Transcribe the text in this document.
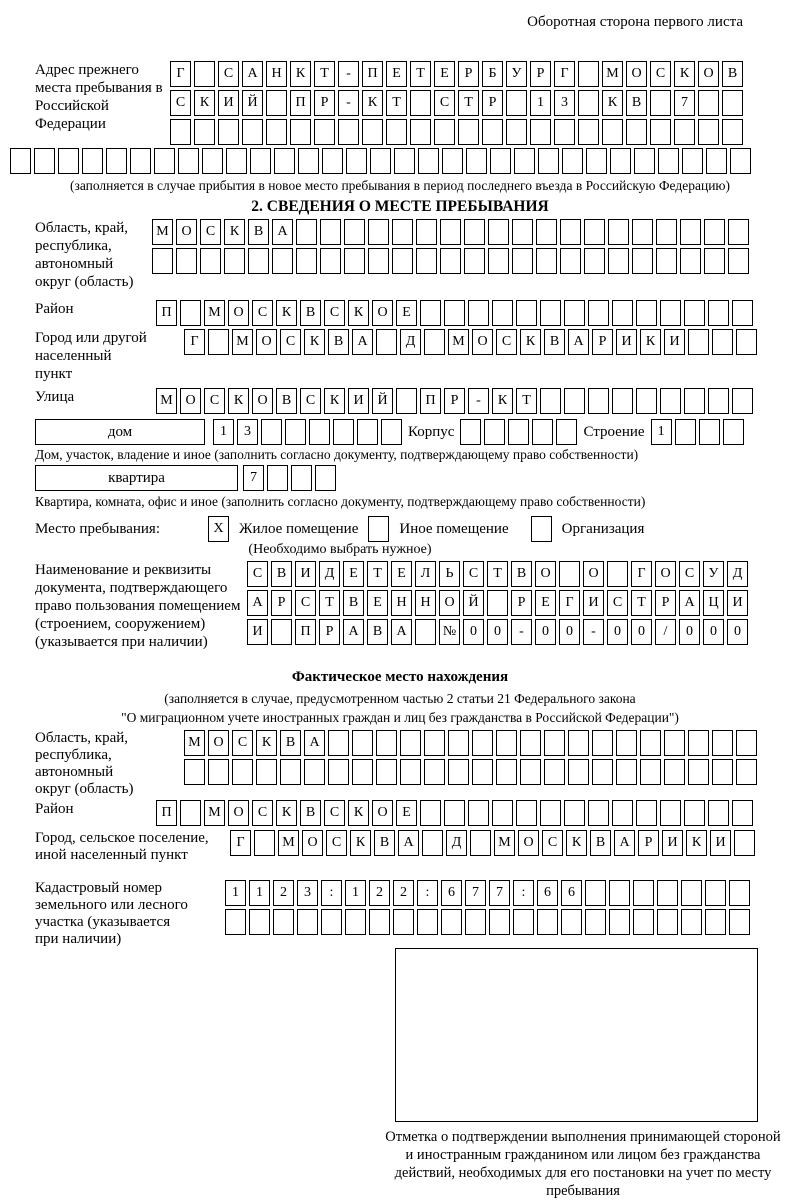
Оборотная сторона первого листа
Адрес прежнего места пребывания в Российской Федерации
Г	С	А Н	К	Т	-	П	Е	Т	Е	Р	Б	У	Р	Г	М О	С	К	О	В
С	К	И Й	П	Р	-	К	Т	С	Т	Р	1	3	К	В	7
(заполняется в случае прибытия в новое место пребывания в период последнего въезда в Российскую Федерацию)
2. СВЕДЕНИЯ О МЕСТЕ ПРЕБЫВАНИЯ
Область, край, республика, автономный округ (область)
М О	С	К	В	А
Район	П	М О	С	К	В	С	К	О	Е
Город или другой населенный пункт
Г	М О	С	К	В	А	Д	М О	С	К	В	А	Р	И	К	И
Улица	М О	С	К	О	В	С	К	И Й	П	Р	-	К	Т
дом	1	3	Корпус	Строение 1
Дом, участок, владение и иное (заполнить согласно документу, подтверждающему право собственности)
квартира	7
Квартира, комната, офис и иное (заполнить согласно документу, подтверждающему право собственности)
Место пребывания:	X	Жилое помещение	Иное помещение	Организация
(Необходимо выбрать нужное)
Наименование и реквизиты документа, подтверждающего право пользования помещением (строением, сооружением) (указывается при наличии)
С	В	И	Д	Е	Т	Е	Л	Ь	С	Т	В	О	О	Г	О	С	У	Д
А	Р	С	Т	В	Е	Н Н О Й	Р	Е	Г	И	С	Т	Р	А Ц И
И	П	Р	А	В	А	№ 0	0	-	0	0	-	0	0	/	0	0	0
Фактическое место нахождения
(заполняется в случае, предусмотренном частью 2 статьи 21 Федерального закона
"О миграционном учете иностранных граждан и лиц без гражданства в Российской Федерации")
Область, край, республика, автономный округ (область)
М О	С	К	В	А
Район	П	М О	С	К	В	С	К	О	Е
Город, сельское поселение, иной населенный пункт
Г	М О	С	К	В	А	Д	М О	С	К	В	А	Р	И	К	И
Кадастровый номер земельного или лесного участка (указывается при наличии)
1	1	2	3	:	1	2	2	:	6	7	7	:	6	6
Отметка о подтверждении выполнения принимающей стороной и иностранным гражданином или лицом без гражданства действий, необходимых для его постановки на учет по месту пребывания
